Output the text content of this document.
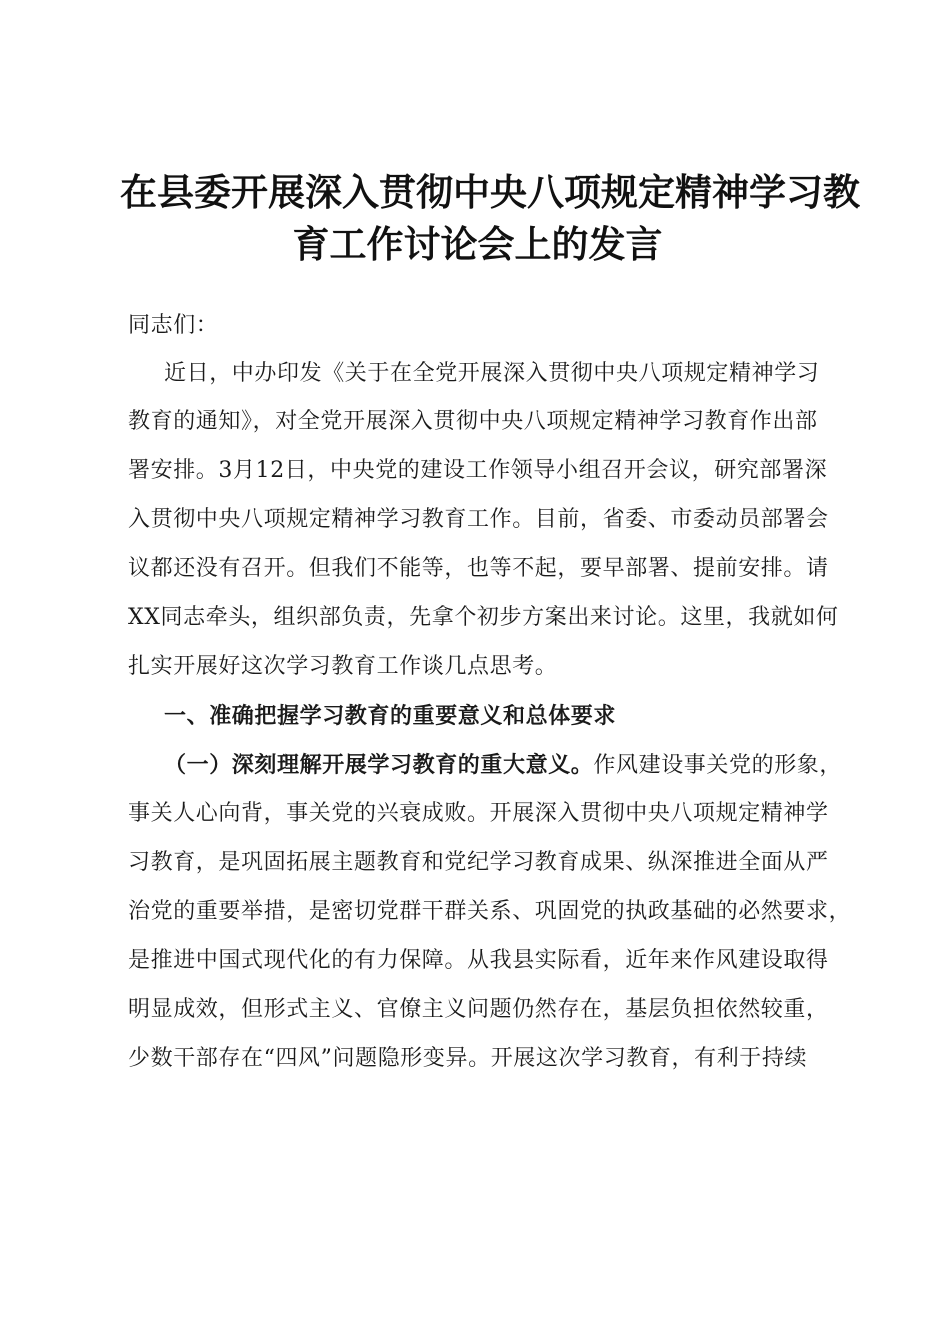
在县委开展深入贯彻中央八项规定精神学习教
育工作讨论会上的发言
同志们：
近日，中办印发《关于在全党开展深入贯彻中央八项规定精神学习
教育的通知》，对全党开展深入贯彻中央八项规定精神学习教育作出部
署安排。3月12日，中央党的建设工作领导小组召开会议，研究部署深
入贯彻中央八项规定精神学习教育工作。目前，省委、市委动员部署会
议都还没有召开。但我们不能等，也等不起，要早部署、提前安排。请
XX同志牵头，组织部负责，先拿个初步方案出来讨论。这里，我就如何
扎实开展好这次学习教育工作谈几点思考。
一、准确把握学习教育的重要意义和总体要求
（一）深刻理解开展学习教育的重大意义。作风建设事关党的形象，
事关人心向背，事关党的兴衰成败。开展深入贯彻中央八项规定精神学
习教育，是巩固拓展主题教育和党纪学习教育成果、纵深推进全面从严
治党的重要举措，是密切党群干群关系、巩固党的执政基础的必然要求，
是推进中国式现代化的有力保障。从我县实际看，近年来作风建设取得
明显成效，但形式主义、官僚主义问题仍然存在，基层负担依然较重，
少数干部存在“四风”问题隐形变异。开展这次学习教育，有利于持续
